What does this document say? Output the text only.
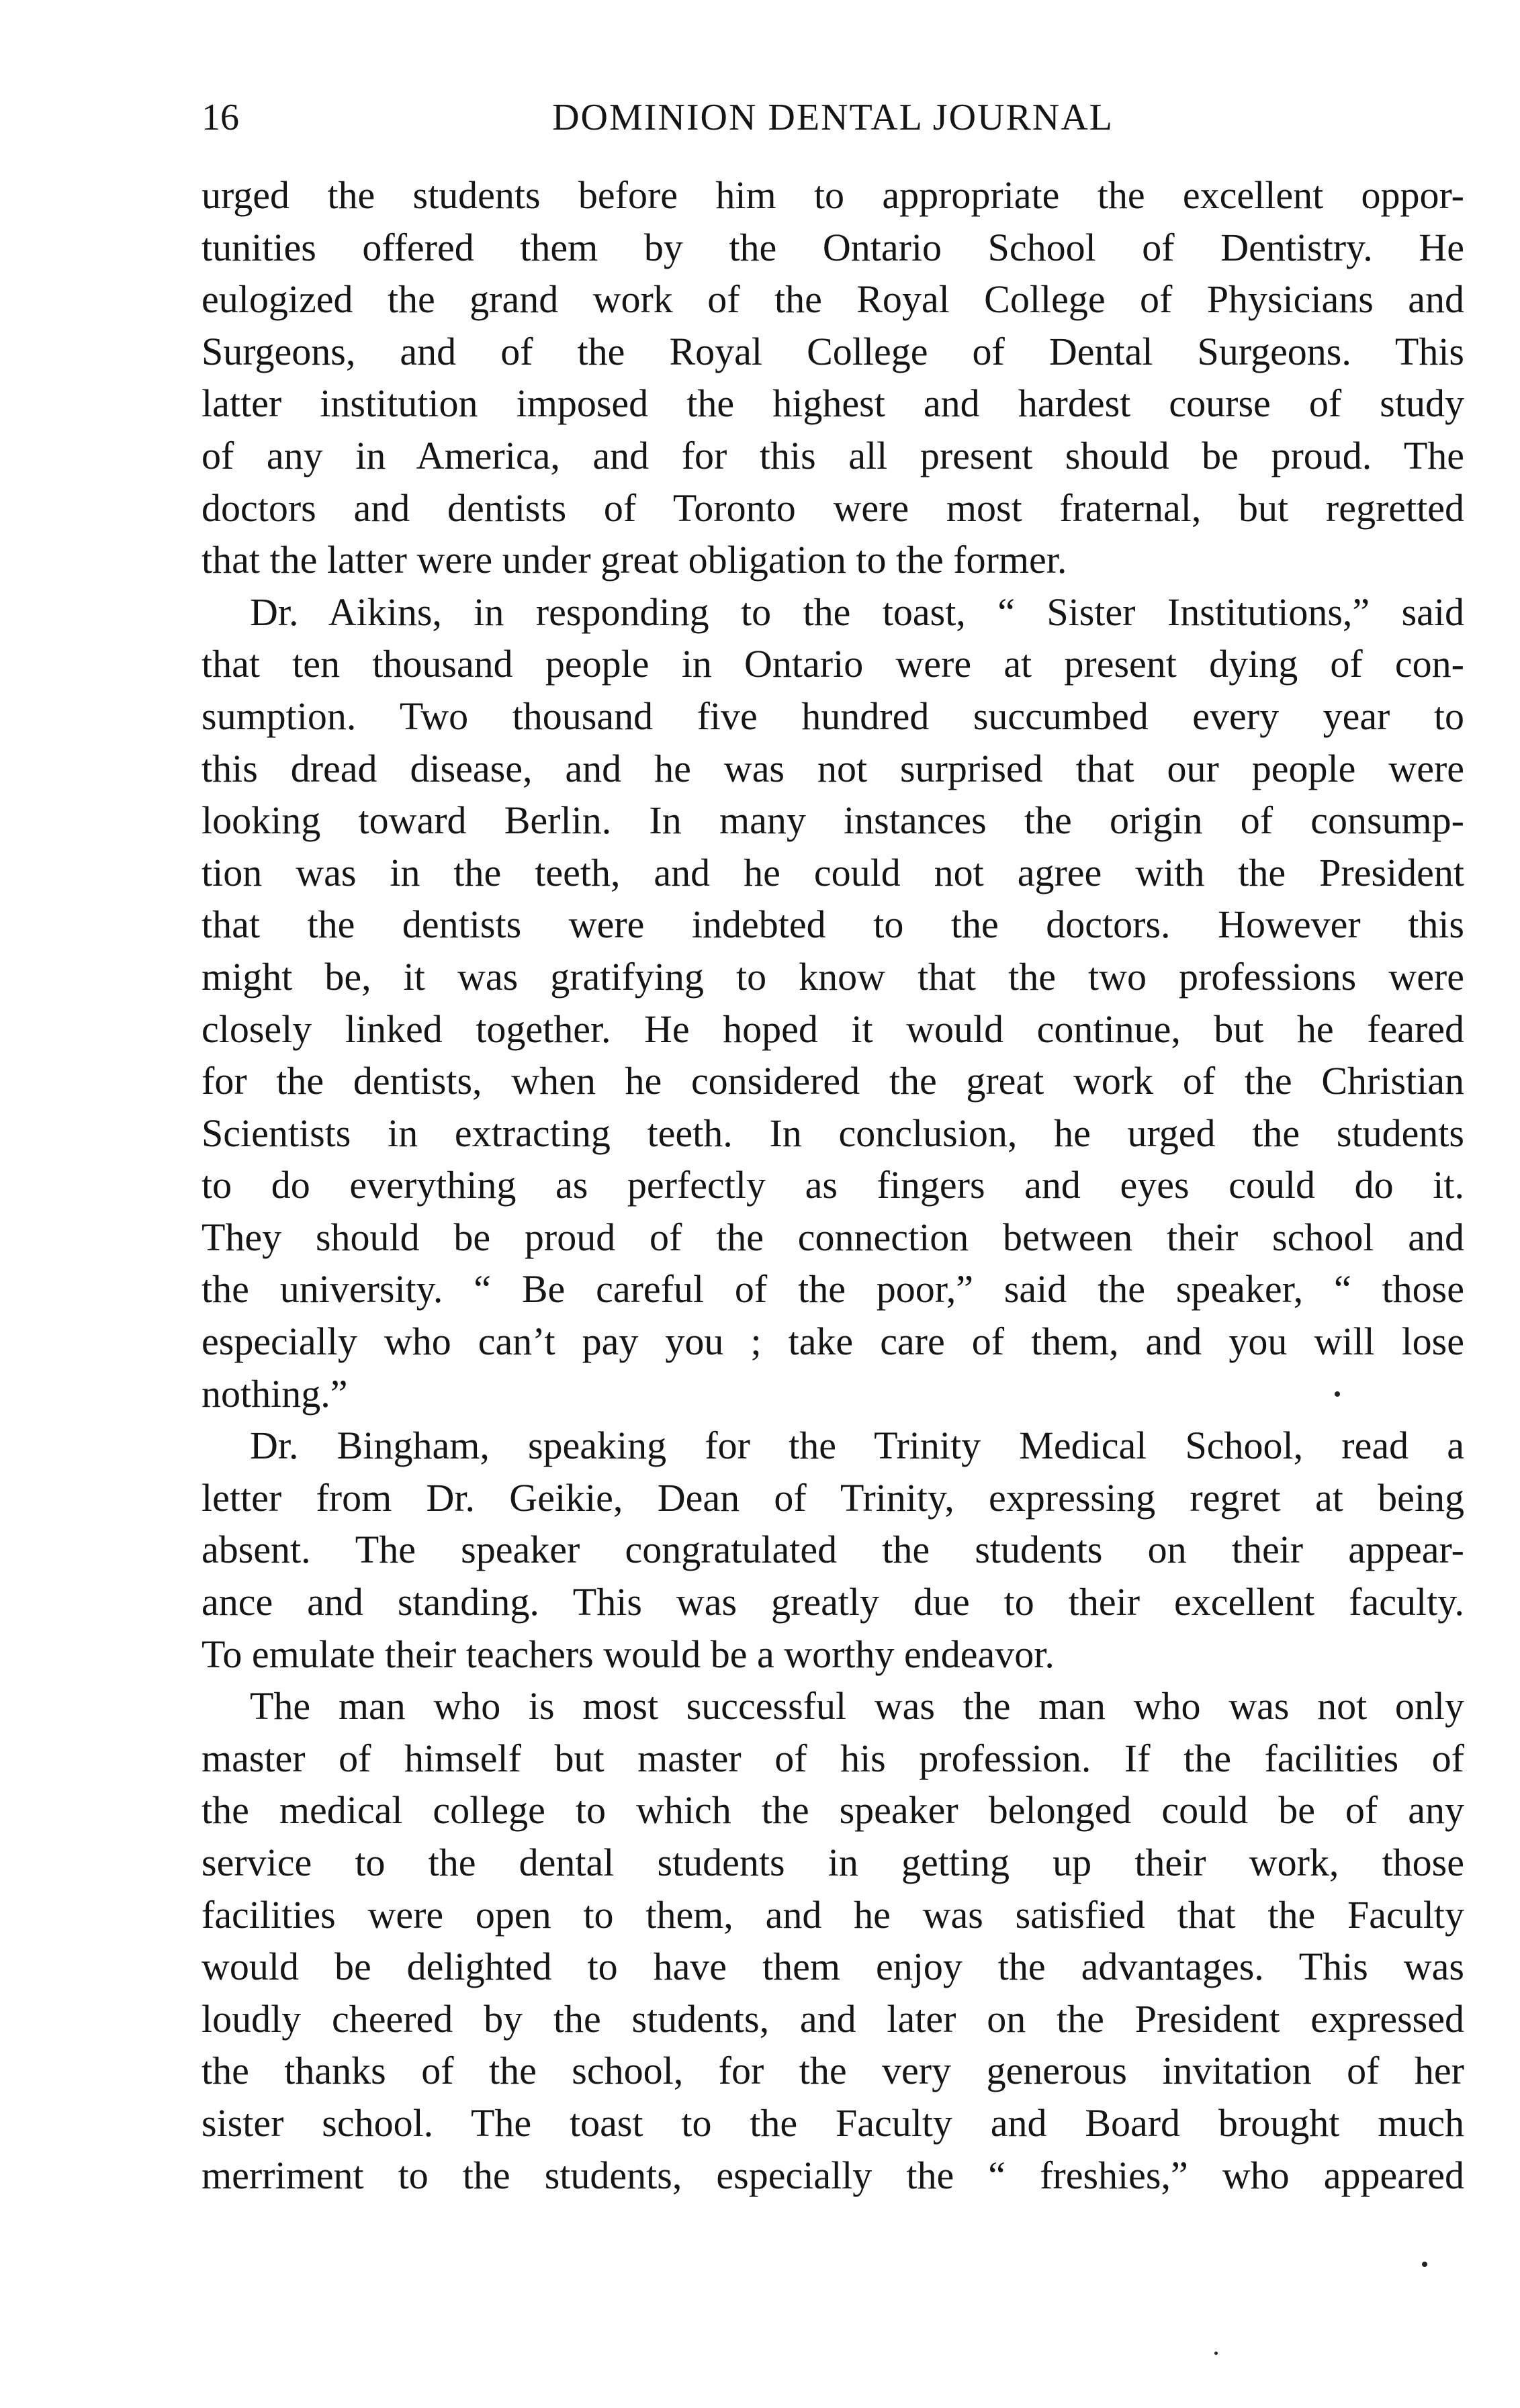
16	DOMINION DENTAL JOURNAL
urged the students before him to appropriate the excellent oppor-
tunities offered them by the Ontario School of Dentistry. He
eulogized the grand work of the Royal College of Physicians and
Surgeons, and of the Royal College of Dental Surgeons. This
latter institution imposed the highest and hardest course of study
of any in America, and for this all present should be proud. The
doctors and dentists of Toronto were most fraternal, but regretted
that the latter were under great obligation to the former.
Dr. Aikins, in responding to the toast, “ Sister Institutions,” said
that ten thousand people in Ontario were at present dying of con-
sumption. Two thousand five hundred succumbed every year to
this dread disease, and he was not surprised that our people were
looking toward Berlin. In many instances the origin of consump-
tion was in the teeth, and he could not agree with the President
that the dentists were indebted to the doctors. However this
might be, it was gratifying to know that the two professions were
closely linked together. He hoped it would continue, but he feared
for the dentists, when he considered the great work of the Christian
Scientists in extracting teeth. In conclusion, he urged the students
to do everything as perfectly as fingers and eyes could do it.
They should be proud of the connection between their school and
the university. “ Be careful of the poor,” said the speaker, “ those
especially who can’t pay you ; take care of them, and you will lose
nothing.”
Dr. Bingham, speaking for the Trinity Medical School, read a
letter from Dr. Geikie, Dean of Trinity, expressing regret at being
absent. The speaker congratulated the students on their appear-
ance and standing. This was greatly due to their excellent faculty.
To emulate their teachers would be a worthy endeavor.
The man who is most successful was the man who was not only
master of himself but master of his profession. If the facilities of
the medical college to which the speaker belonged could be of any
service to the dental students in getting up their work, those
facilities were open to them, and he was satisfied that the Faculty
would be delighted to have them enjoy the advantages. This was
loudly cheered by the students, and later on the President expressed
the thanks of the school, for the very generous invitation of her
sister school. The toast to the Faculty and Board brought much
merriment to the students, especially the “ freshies,” who appeared
